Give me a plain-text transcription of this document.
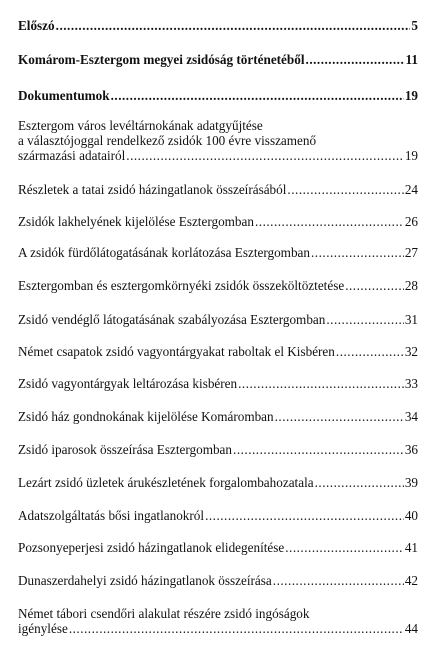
Előszó .....	5
Komárom-Esztergom megyei zsidóság történetéből .....	11
Dokumentumok .....	19
Esztergom város levéltárnokának adatgyűjtése
a választójoggal rendelkező zsidók 100 évre visszamenő
származási adatairól .....	19
Részletek a tatai zsidó házingatlanok összeírásából .....	24
Zsidók lakhelyének kijelölése Esztergomban .....	26
A zsidók fürdőlátogatásának korlátozása Esztergomban .....	27
Esztergomban és esztergomkörnyéki zsidók összeköltöztetése .....	28
Zsidó vendéglő látogatásának szabályozása Esztergomban .....	31
Német csapatok zsidó vagyontárgyakat raboltak el Kisbéren .....	32
Zsidó vagyontárgyak leltározása kisbéren .....	33
Zsidó ház gondnokának kijelölése Komáromban .....	34
Zsidó iparosok összeírása Esztergomban .....	36
Lezárt zsidó üzletek árukészletének forgalombahozatala .....	39
Adatszolgáltatás bősi ingatlanokról .....	40
Pozsonyeperjesi zsidó házingatlanok elidegenítése .....	41
Dunaszerdahelyi zsidó házingatlanok összeírása .....	42
Német tábori csendőri alakulat részére zsidó ingóságok
igénylése .....	44
